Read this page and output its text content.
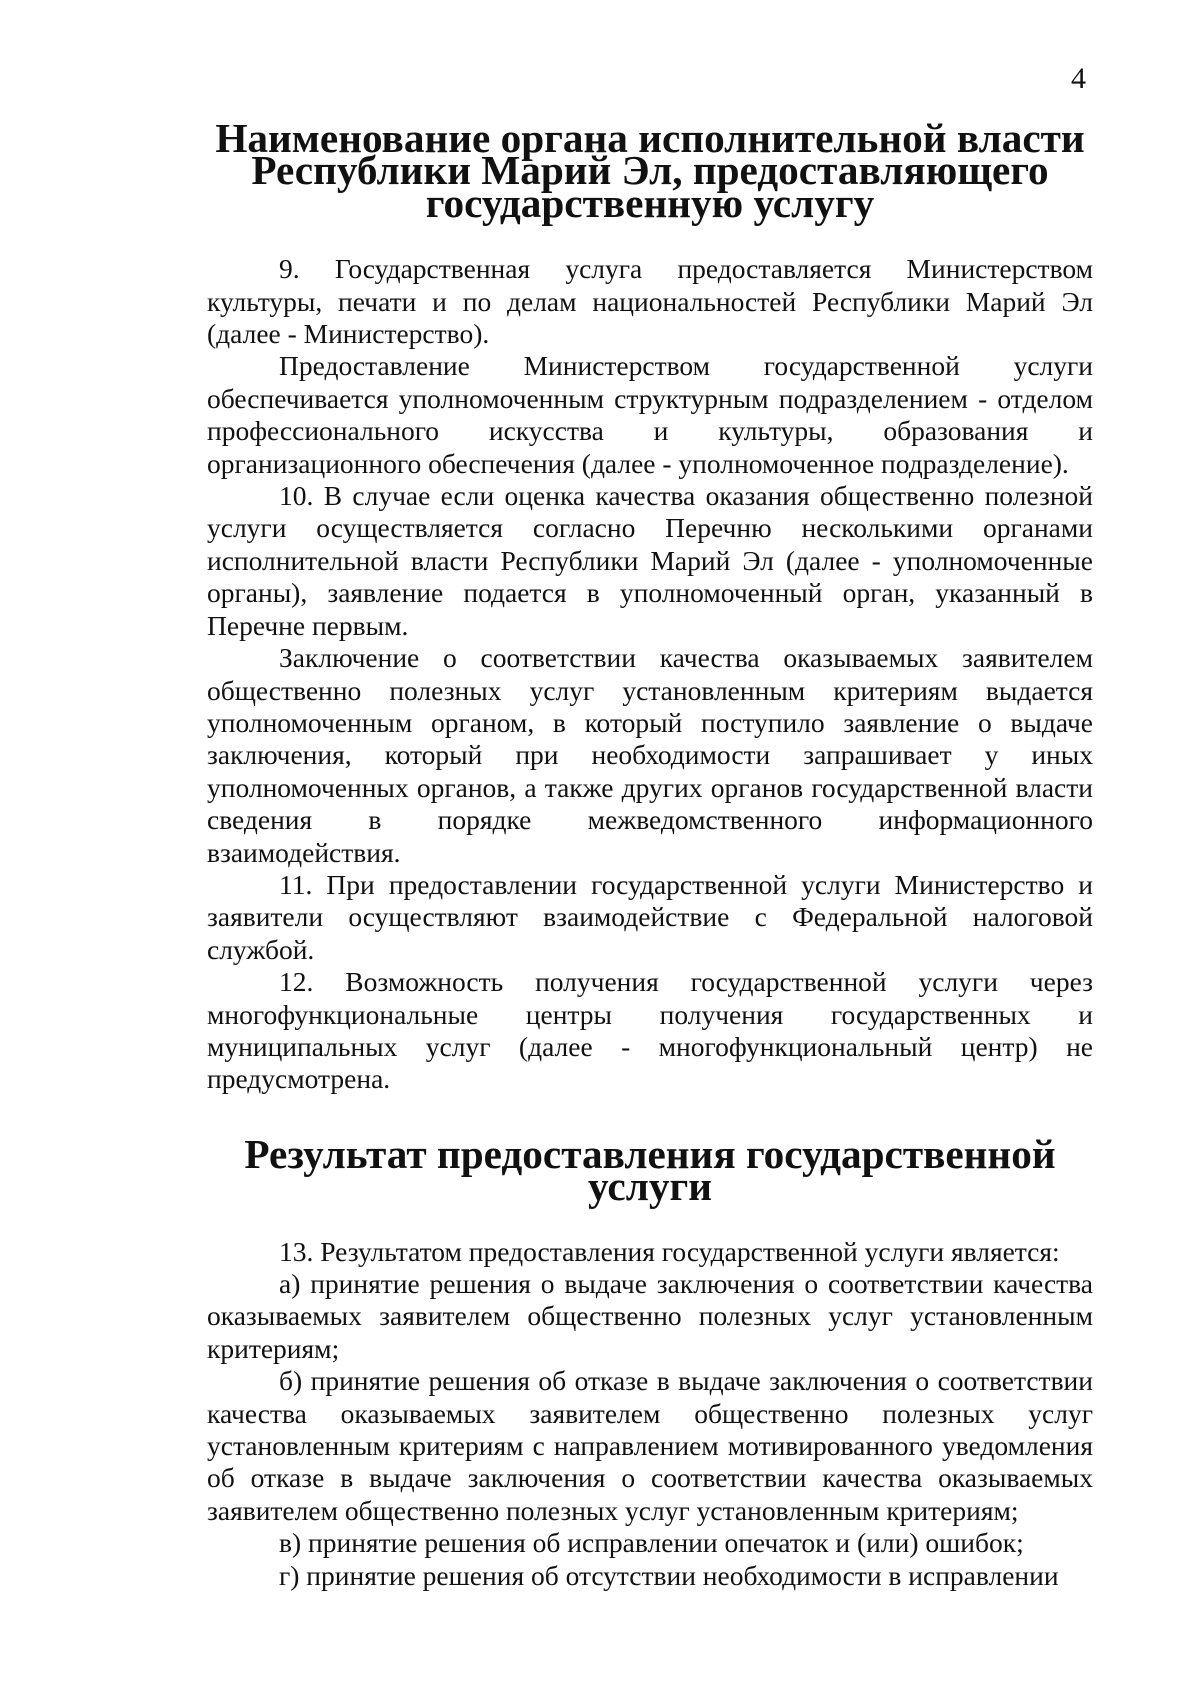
4
Наименование органа исполнительной власти
Республики Марий Эл, предоставляющего государственную услугу

9. Государственная услуга предоставляется Министерством культуры, печати и по делам национальностей Республики Марий Эл (далее - Министерство).

Предоставление Министерством государственной услуги обеспечивается уполномоченным структурным подразделением - отделом профессионального искусства и культуры, образования и организационного обеспечения (далее - уполномоченное подразделение).

10. В случае если оценка качества оказания общественно полезной услуги осуществляется согласно Перечню несколькими органами исполнительной власти Республики Марий Эл (далее - уполномоченные органы), заявление подается в уполномоченный орган, указанный в Перечне первым.

Заключение о соответствии качества оказываемых заявителем общественно полезных услуг установленным критериям выдается уполномоченным органом, в который поступило заявление о выдаче заключения, который при необходимости запрашивает у иных уполномоченных органов, а также других органов государственной власти сведения в порядке межведомственного информационного взаимодействия.

11. При предоставлении государственной услуги Министерство и заявители осуществляют взаимодействие с Федеральной налоговой службой.

12. Возможность получения государственной услуги через многофункциональные центры получения государственных и муниципальных услуг (далее - многофункциональный центр) не предусмотрена.

Результат предоставления государственной услуги

13. Результатом предоставления государственной услуги является:

а) принятие решения о выдаче заключения о соответствии качества оказываемых заявителем общественно полезных услуг установленным критериям;

б) принятие решения об отказе в выдаче заключения о соответствии качества оказываемых заявителем общественно полезных услуг установленным критериям с направлением мотивированного уведомления об отказе в выдаче заключения о соответствии качества оказываемых заявителем общественно полезных услуг установленным критериям;

в) принятие решения об исправлении опечаток и (или) ошибок;

г) принятие решения об отсутствии необходимости в исправлении
